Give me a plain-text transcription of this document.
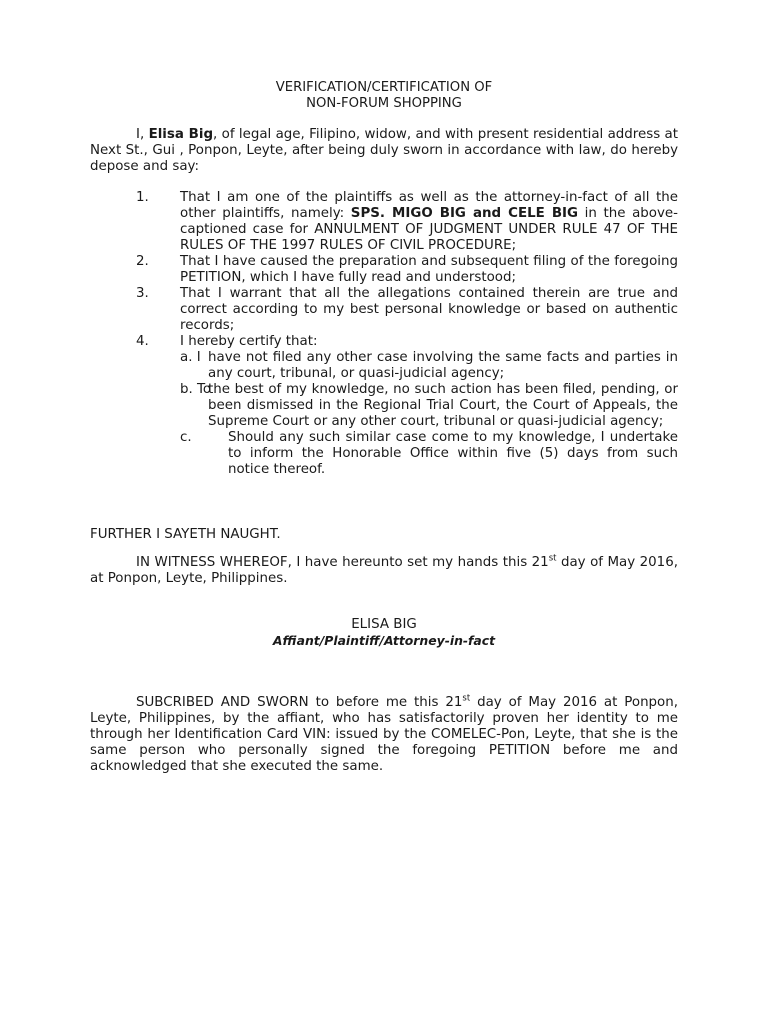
VERIFICATION/CERTIFICATION OF
NON-FORUM SHOPPING
I, Elisa Big, of legal age, Filipino, widow, and with present residential address at Next St., Gui , Ponpon, Leyte, after being duly sworn in accordance with law, do hereby depose and say:
1. That I am one of the plaintiffs as well as the attorney-in-fact of all the other plaintiffs, namely: SPS. MIGO BIG and CELE BIG in the above-captioned case for ANNULMENT OF JUDGMENT UNDER RULE 47 OF THE RULES OF THE 1997 RULES OF CIVIL PROCEDURE;
2. That I have caused the preparation and subsequent filing of the foregoing PETITION, which I have fully read and understood;
3. That I warrant that all the allegations contained therein are true and correct according to my best personal knowledge or based on authentic records;
4. I hereby certify that:
a. I have not filed any other case involving the same facts and parties in any court, tribunal, or quasi-judicial agency;
b. To
the best of my knowledge, no such action has been filed, pending, or been dismissed in the Regional Trial Court, the Court of Appeals, the Supreme Court or any other court, tribunal or quasi-judicial agency;
c.	Should any such similar case come to my knowledge, I undertake to inform the Honorable Office within five (5) days from such notice thereof.
FURTHER I SAYETH NAUGHT.
IN WITNESS WHEREOF, I have hereunto set my hands this 21st day of May 2016, at Ponpon, Leyte, Philippines.
ELISA BIG
Affiant/Plaintiff/Attorney-in-fact
SUBCRIBED AND SWORN to before me this 21st day of May 2016 at Ponpon, Leyte, Philippines, by the affiant, who has satisfactorily proven her identity to me through her Identification Card VIN: issued by the COMELEC-Pon, Leyte, that she is the same person who personally signed the foregoing PETITION before me and acknowledged that she executed the same.
